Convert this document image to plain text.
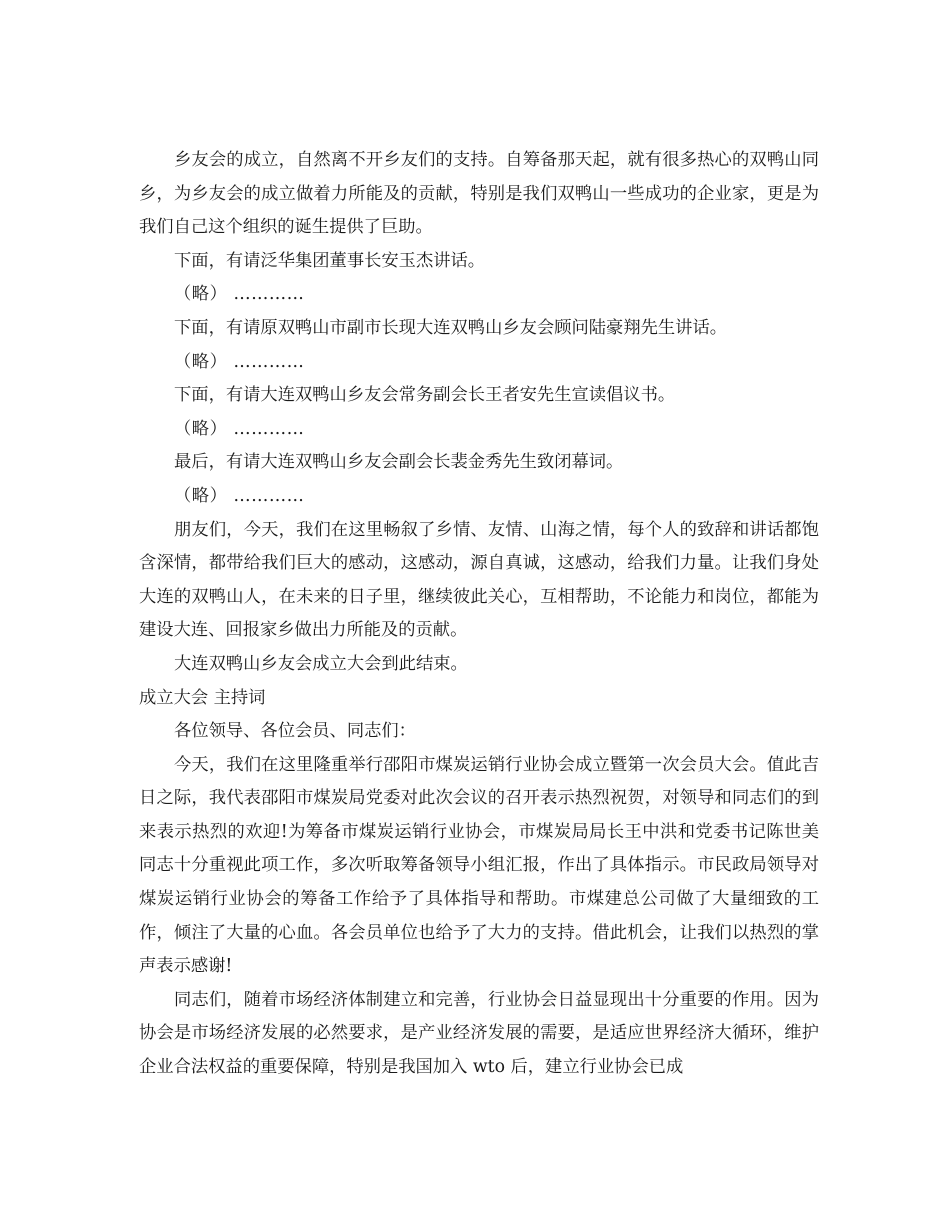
乡友会的成立，自然离不开乡友们的支持。自筹备那天起，就有很多热心的双鸭山同乡，为乡友会的成立做着力所能及的贡献，特别是我们双鸭山一些成功的企业家，更是为我们自己这个组织的诞生提供了巨助。

下面，有请泛华集团董事长安玉杰讲话。

（略） …………

下面，有请原双鸭山市副市长现大连双鸭山乡友会顾问陆豪翔先生讲话。

（略） …………

下面，有请大连双鸭山乡友会常务副会长王者安先生宣读倡议书。

（略） …………

最后，有请大连双鸭山乡友会副会长裴金秀先生致闭幕词。

（略） …………

朋友们，今天，我们在这里畅叙了乡情、友情、山海之情，每个人的致辞和讲话都饱含深情，都带给我们巨大的感动，这感动，源自真诚，这感动，给我们力量。让我们身处大连的双鸭山人，在未来的日子里，继续彼此关心，互相帮助，不论能力和岗位，都能为建设大连、回报家乡做出力所能及的贡献。

大连双鸭山乡友会成立大会到此结束。

成立大会 主持词

各位领导、各位会员、同志们：

今天，我们在这里隆重举行邵阳市煤炭运销行业协会成立暨第一次会员大会。值此吉日之际，我代表邵阳市煤炭局党委对此次会议的召开表示热烈祝贺，对领导和同志们的到来表示热烈的欢迎!为筹备市煤炭运销行业协会，市煤炭局局长王中洪和党委书记陈世美同志十分重视此项工作，多次听取筹备领导小组汇报，作出了具体指示。市民政局领导对煤炭运销行业协会的筹备工作给予了具体指导和帮助。市煤建总公司做了大量细致的工作，倾注了大量的心血。各会员单位也给予了大力的支持。借此机会，让我们以热烈的掌声表示感谢!

同志们，随着市场经济体制建立和完善，行业协会日益显现出十分重要的作用。因为协会是市场经济发展的必然要求，是产业经济发展的需要，是适应世界经济大循环，维护企业合法权益的重要保障，特别是我国加入 wto 后，建立行业协会已成
